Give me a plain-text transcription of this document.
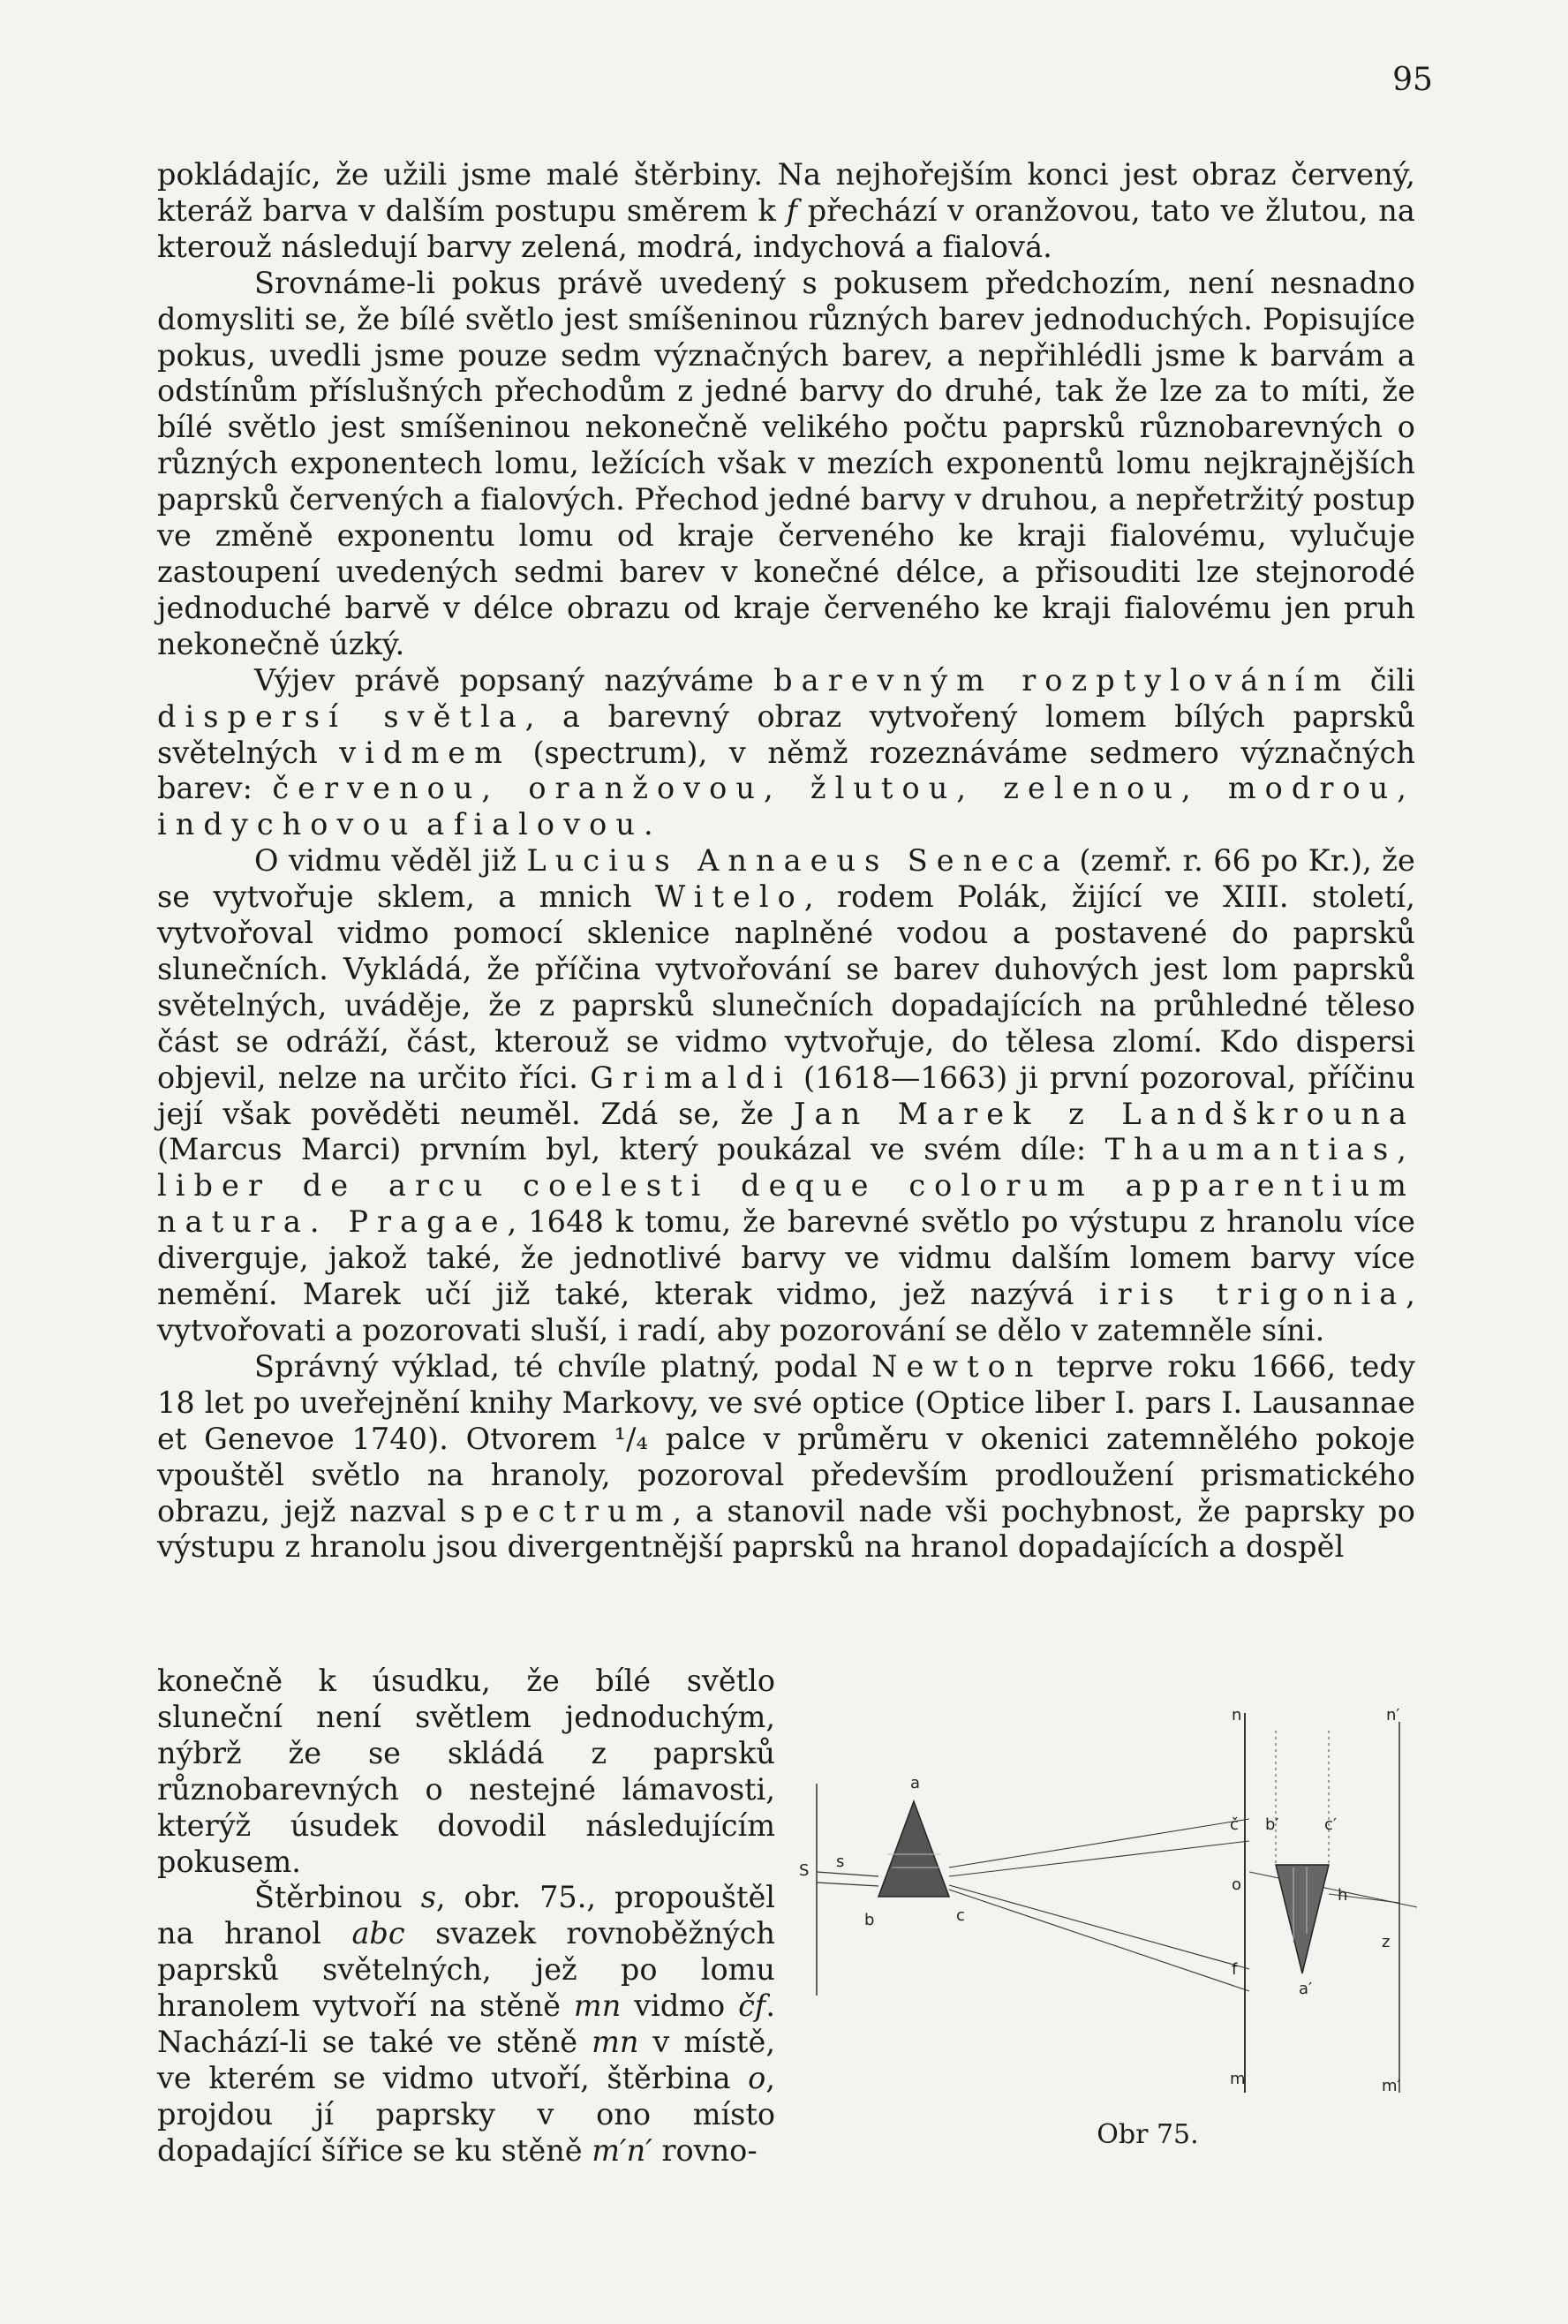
95

pokládajíc, že užili jsme malé štěrbiny. Na nejhořejším konci jest obraz červený, kteráž barva v dalším postupu směrem k f přechází v oranžovou, tato ve žlutou, na kterouž následují barvy zelená, modrá, indychová a fialová.

Srovnáme-li pokus právě uvedený s pokusem předchozím, není nesnadno domysliti se, že bílé světlo jest smíšeninou různých barev jednoduchých. Popisujíce pokus, uvedli jsme pouze sedm význačných barev, a nepřihlédli jsme k barvám a odstínům příslušných přechodům z jedné barvy do druhé, tak že lze za to míti, že bílé světlo jest smíšeninou nekonečně velikého počtu paprsků různobarevných o různých exponentech lomu, ležících však v mezích exponentů lomu nejkrajnějších paprsků červených a fialových. Přechod jedné barvy v druhou, a nepřetržitý postup ve změně exponentu lomu od kraje červeného ke kraji fialovému, vylučuje zastoupení uvedených sedmi barev v konečné délce, a přisouditi lze stejnorodé jednoduché barvě v délce obrazu od kraje červeného ke kraji fialovému jen pruh nekonečně úzký.

Výjev právě popsaný nazýváme barevným rozptylováním čili dispersí světla, a barevný obraz vytvořený lomem bílých paprsků světelných vidmem (spectrum), v němž rozeznáváme sedmero význačných barev: červenou, oranžovou, žlutou, zelenou, modrou, indychovou a fialovou.

O vidmu věděl již Lucius Annaeus Seneca (zemř. r. 66 po Kr.), že se vytvořuje sklem, a mnich Witelo, rodem Polák, žijící ve XIII. století, vytvořoval vidmo pomocí sklenice naplněné vodou a postavené do paprsků slunečních. Vykládá, že příčina vytvořování se barev duhových jest lom paprsků světelných, uváděje, že z paprsků slunečních dopadajících na průhledné těleso část se odráží, část, kterouž se vidmo vytvořuje, do tělesa zlomí. Kdo dispersi objevil, nelze na určito říci. Grimaldi (1618—1663) ji první pozoroval, příčinu její však pověděti neuměl. Zdá se, že Jan Marek z Landškrouna (Marcus Marci) prvním byl, který poukázal ve svém díle: Thaumantias, liber de arcu coelesti deque colorum apparentium natura. Pragae, 1648 k tomu, že barevné světlo po výstupu z hranolu více diverguje, jakož také, že jednotlivé barvy ve vidmu dalším lomem barvy více nemění. Marek učí již také, kterak vidmo, jež nazývá iris trigonia, vytvořovati a pozorovati sluší, i radí, aby pozorování se dělo v zatemněle síni.

Správný výklad, té chvíle platný, podal Newton teprve roku 1666, tedy 18 let po uveřejnění knihy Markovy, ve své optice (Optice liber I. pars I. Lausannae et Genevoe 1740). Otvorem ¹/₄ palce v průměru v okenici zatemnělého pokoje vpouštěl světlo na hranoly, pozoroval především prodloužení prismatického obrazu, jejž nazval spectrum, a stanovil nade vši pochybnost, že paprsky po výstupu z hranolu jsou divergentnější paprsků na hranol dopadajících a dospěl

konečně k úsudku, že bílé světlo sluneční není světlem jednoduchým, nýbrž že se skládá z paprsků různobarevných o nestejné lámavosti, kterýž úsudek dovodil následujícím pokusem.

Štěrbinou s, obr. 75., propouštěl na hranol abc svazek rovnoběžných paprsků světelných, jež po lomu hranolem vytvoří na stěně mn vidmo čf. Nachází-li se také ve stěně mn v místě, ve kterém se vidmo utvoří, štěrbina o, projdou jí paprsky v ono místo dopadající šířice se ku stěně m′n′ rovno-

a
S s
b	c
č
o
f
m
n
b′	c′
a′
h
z
m′
n′
Obr 75.
